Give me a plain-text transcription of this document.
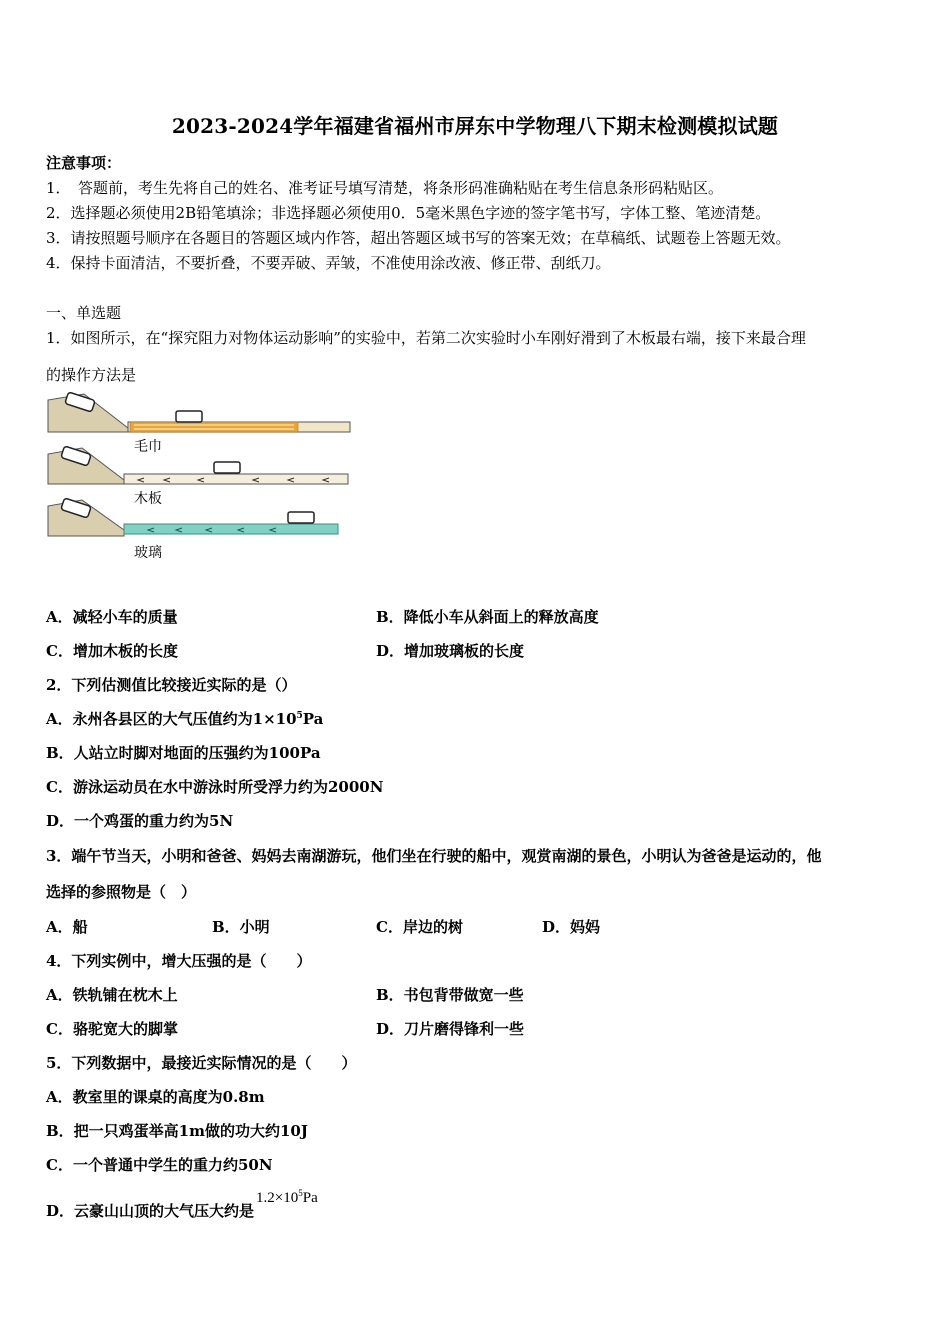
2023-2024学年福建省福州市屏东中学物理八下期末检测模拟试题
注意事项：
1．　答题前，考生先将自己的姓名、准考证号填写清楚，将条形码准确粘贴在考生信息条形码粘贴区。
2．选择题必须使用2B铅笔填涂；非选择题必须使用0．5毫米黑色字迹的签字笔书写，字体工整、笔迹清楚。
3．请按照题号顺序在各题目的答题区域内作答，超出答题区域书写的答案无效；在草稿纸、试题卷上答题无效。
4．保持卡面清洁，不要折叠，不要弄破、弄皱，不准使用涂改液、修正带、刮纸刀。
一、单选题
1．如图所示，在“探究阻力对物体运动影响”的实验中，若第二次实验时小车刚好滑到了木板最右端，接下来最合理
的操作方法是
毛巾
木板
玻璃
A．减轻小车的质量	B．降低小车从斜面上的释放高度
C．增加木板的长度	D．增加玻璃板的长度
2．下列估测值比较接近实际的是（）
A．永州各县区的大气压值约为$1\times 10^5Pa$
B．人站立时脚对地面的压强约为100Pa
C．游泳运动员在水中游泳时所受浮力约为2000N
D．一个鸡蛋的重力约为5N
3．端午节当天，小明和爸爸、妈妈去南湖游玩，他们坐在行驶的船中，观赏南湖的景色，小明认为爸爸是运动的，他
选择的参照物是（　）
A．船	B．小明	C．岸边的树	D．妈妈
4．下列实例中，增大压强的是（　　）
A．铁轨铺在枕木上	B．书包背带做宽一些
C．骆驼宽大的脚掌	D．刀片磨得锋利一些
5．下列数据中，最接近实际情况的是（　　）
A．教室里的课桌的高度为0.8m
B．把一只鸡蛋举高1m做的功大约10J
C．一个普通中学生的重力约50N
D．云豪山山顶的大气压大约是$1.2\times 10^5Pa$
